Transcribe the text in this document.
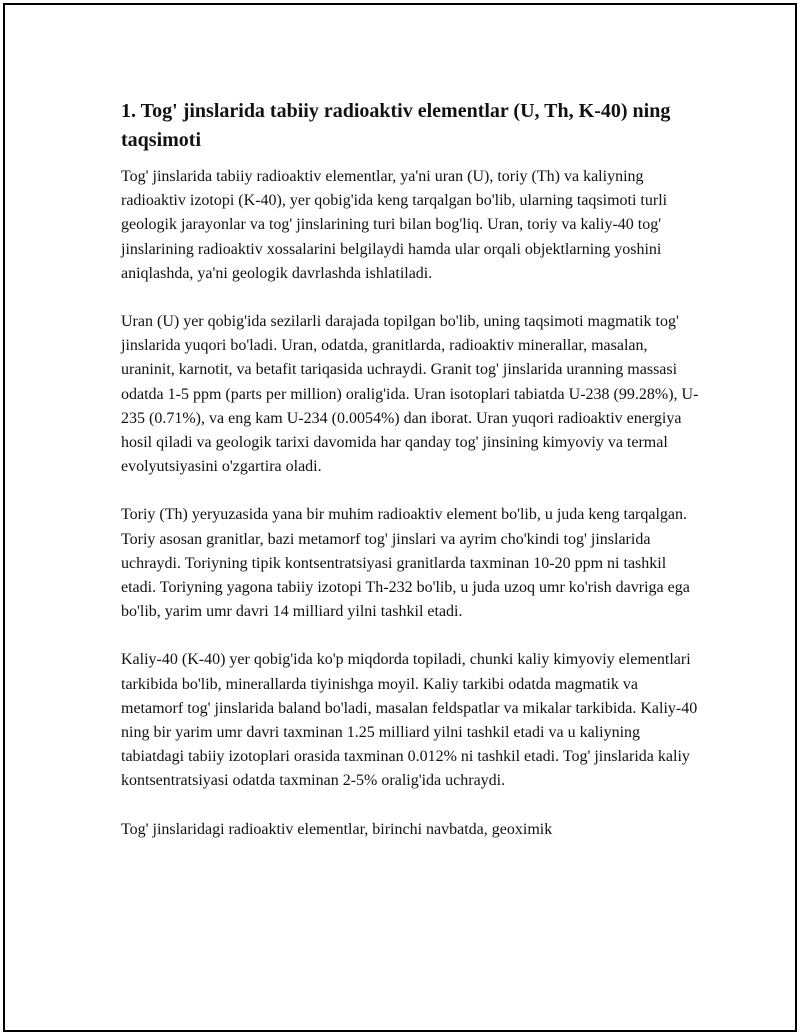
1. Tog' jinslarida tabiiy radioaktiv elementlar (U, Th, K-40) ning taqsimoti

Tog' jinslarida tabiiy radioaktiv elementlar, ya'ni uran (U), toriy (Th) va kaliyning radioaktiv izotopi (K-40), yer qobig'ida keng tarqalgan bo'lib, ularning taqsimoti turli geologik jarayonlar va tog' jinslarining turi bilan bog'liq. Uran, toriy va kaliy-40 tog' jinslarining radioaktiv xossalarini belgilaydi hamda ular orqali objektlarning yoshini aniqlashda, ya'ni geologik davrlashda ishlatiladi.

Uran (U) yer qobig'ida sezilarli darajada topilgan bo'lib, uning taqsimoti magmatik tog' jinslarida yuqori bo'ladi. Uran, odatda, granitlarda, radioaktiv minerallar, masalan, uraninit, karnotit, va betafit tariqasida uchraydi. Granit tog' jinslarida uranning massasi odatda 1-5 ppm (parts per million) oralig'ida. Uran isotoplari tabiatda U-238 (99.28%), U-235 (0.71%), va eng kam U-234 (0.0054%) dan iborat. Uran yuqori radioaktiv energiya hosil qiladi va geologik tarixi davomida har qanday tog' jinsining kimyoviy va termal evolyutsiyasini o'zgartira oladi.

Toriy (Th) yeryuzasida yana bir muhim radioaktiv element bo'lib, u juda keng tarqalgan. Toriy asosan granitlar, bazi metamorf tog' jinslari va ayrim cho'kindi tog' jinslarida uchraydi. Toriyning tipik kontsentratsiyasi granitlarda taxminan 10-20 ppm ni tashkil etadi. Toriyning yagona tabiiy izotopi Th-232 bo'lib, u juda uzoq umr ko'rish davriga ega bo'lib, yarim umr davri 14 milliard yilni tashkil etadi.

Kaliy-40 (K-40) yer qobig'ida ko'p miqdorda topiladi, chunki kaliy kimyoviy elementlari tarkibida bo'lib, minerallarda tiyinishga moyil. Kaliy tarkibi odatda magmatik va metamorf tog' jinslarida baland bo'ladi, masalan feldspatlar va mikalar tarkibida. Kaliy-40 ning bir yarim umr davri taxminan 1.25 milliard yilni tashkil etadi va u kaliyning tabiatdagi tabiiy izotoplari orasida taxminan 0.012% ni tashkil etadi. Tog' jinslarida kaliy kontsentratsiyasi odatda taxminan 2-5% oralig'ida uchraydi.

Tog' jinslaridagi radioaktiv elementlar, birinchi navbatda, geoximik
